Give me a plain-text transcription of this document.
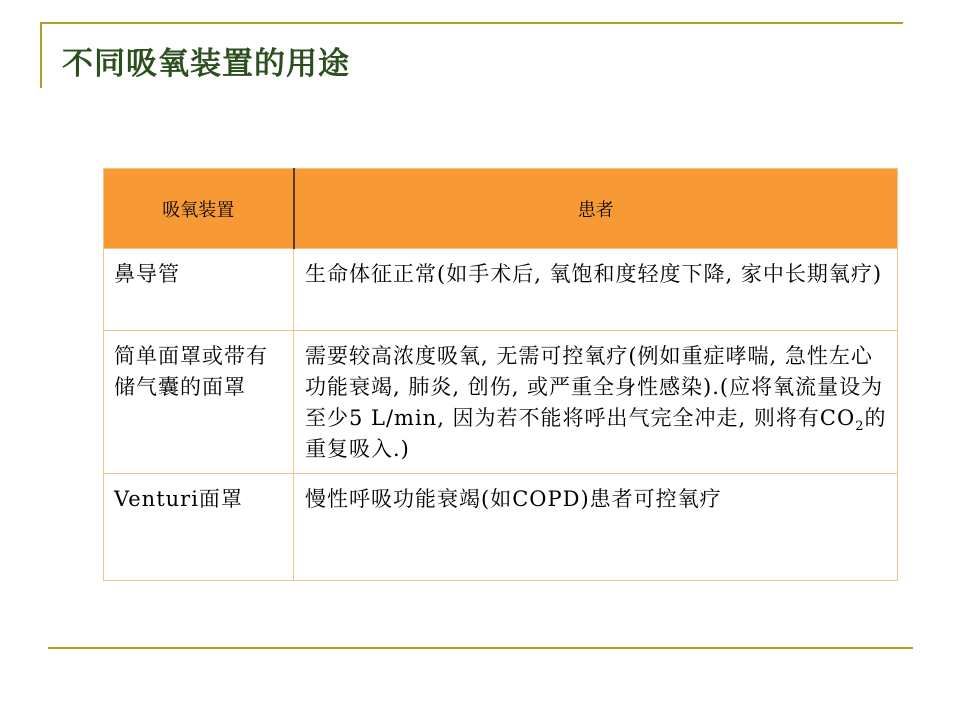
不同吸氧装置的用途
吸氧装置	患者
鼻导管	生命体征正常(如手术后, 氧饱和度轻度下降, 家中长期氧疗)
简单面罩或带有储气囊的面罩	需要较高浓度吸氧, 无需可控氧疗(例如重症哮喘, 急性左心功能衰竭, 肺炎, 创伤, 或严重全身性感染).(应将氧流量设为至少5 L/min, 因为若不能将呼出气完全冲走, 则将有$CO_2$的重复吸入.)
Venturi面罩	慢性呼吸功能衰竭(如COPD)患者可控氧疗
